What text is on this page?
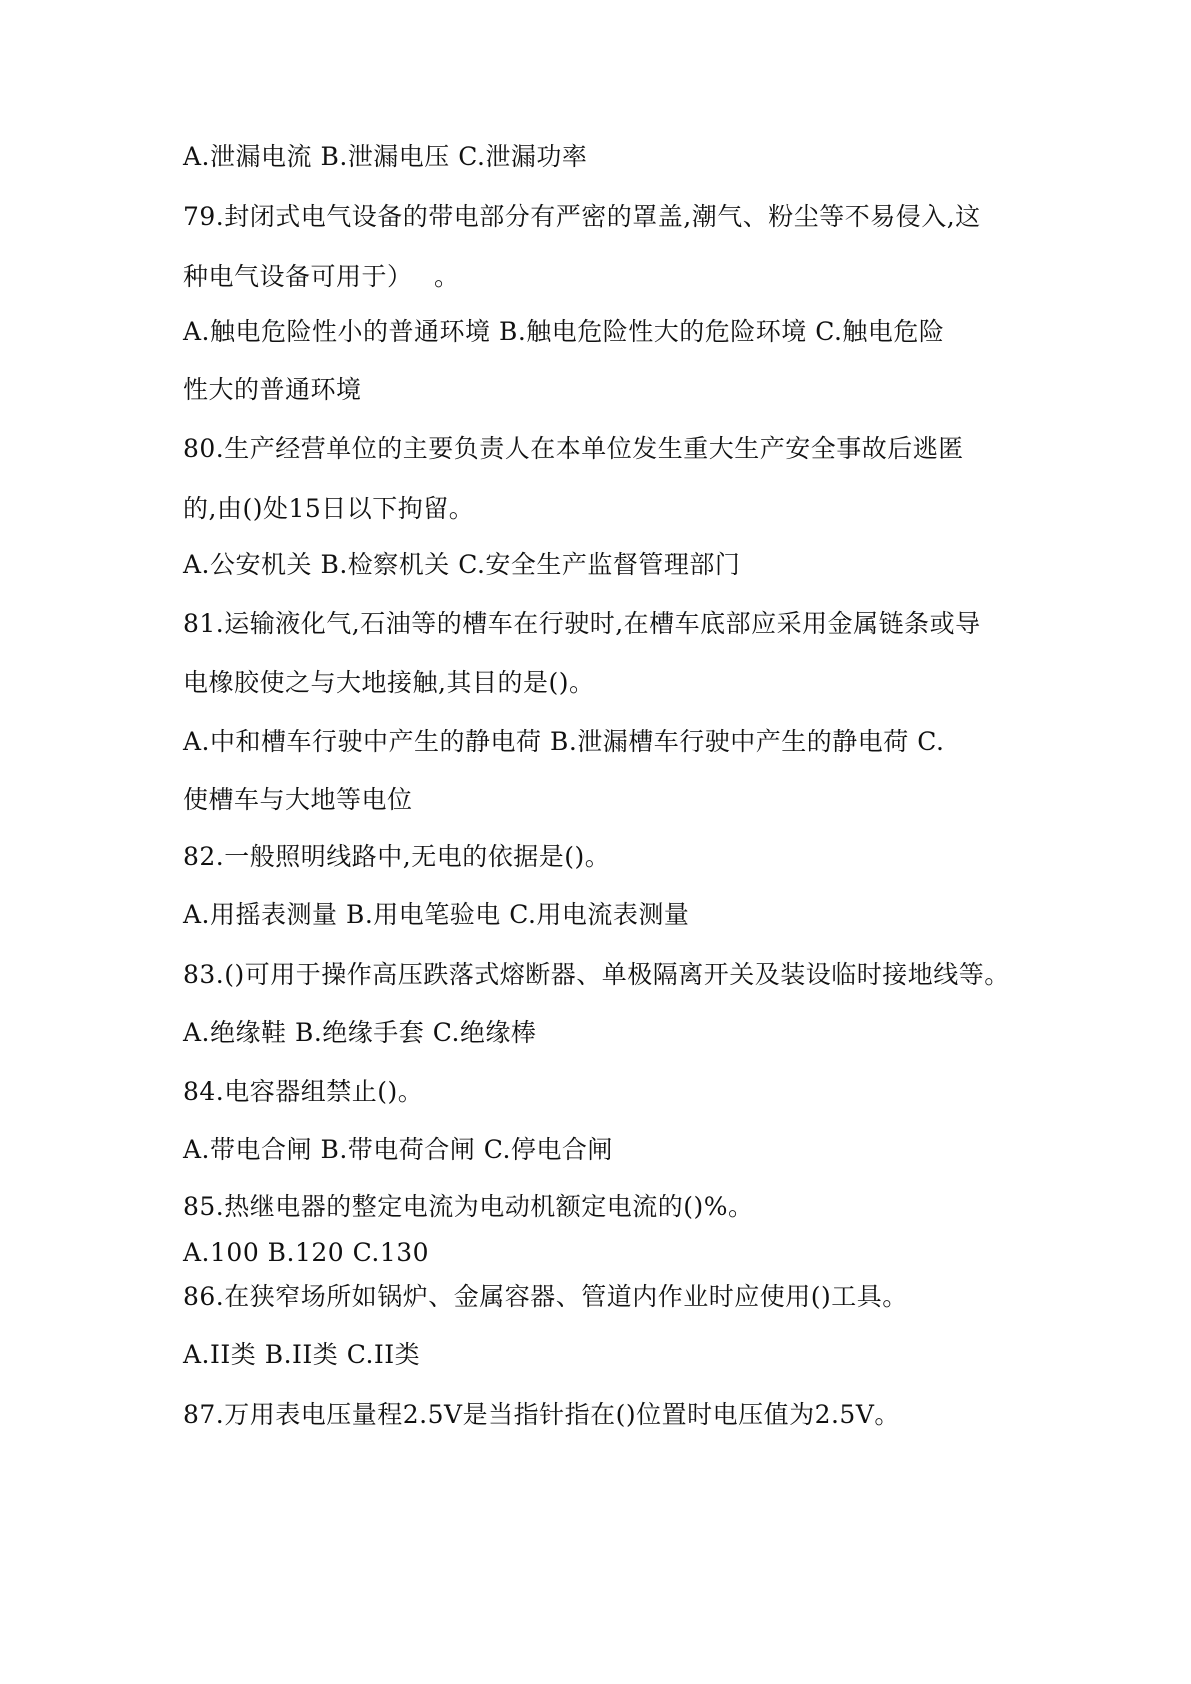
A.泄漏电流 B.泄漏电压 C.泄漏功率
79.封闭式电气设备的带电部分有严密的罩盖,潮气、粉尘等不易侵入,这
种电气设备可用于）　 。
A.触电危险性小的普通环境 B.触电危险性大的危险环境 C.触电危险
性大的普通环境
80.生产经营单位的主要负责人在本单位发生重大生产安全事故后逃匿
的,由()处15日以下拘留。
A.公安机关 B.检察机关 C.安全生产监督管理部门
81.运输液化气,石油等的槽车在行驶时,在槽车底部应采用金属链条或导
电橡胶使之与大地接触,其目的是()。
A.中和槽车行驶中产生的静电荷 B.泄漏槽车行驶中产生的静电荷 C.
使槽车与大地等电位
82.一般照明线路中,无电的依据是()。
A.用摇表测量 B.用电笔验电 C.用电流表测量
83.()可用于操作高压跌落式熔断器、单极隔离开关及装设临时接地线等。
A.绝缘鞋 B.绝缘手套 C.绝缘棒
84.电容器组禁止()。
A.带电合闸 B.带电荷合闸 C.停电合闸
85.热继电器的整定电流为电动机额定电流的()%。
A.100 B.120 C.130
86.在狭窄场所如锅炉、金属容器、管道内作业时应使用()工具。
A.II类 B.II类 C.II类
87.万用表电压量程2.5V是当指针指在()位置时电压值为2.5V。
